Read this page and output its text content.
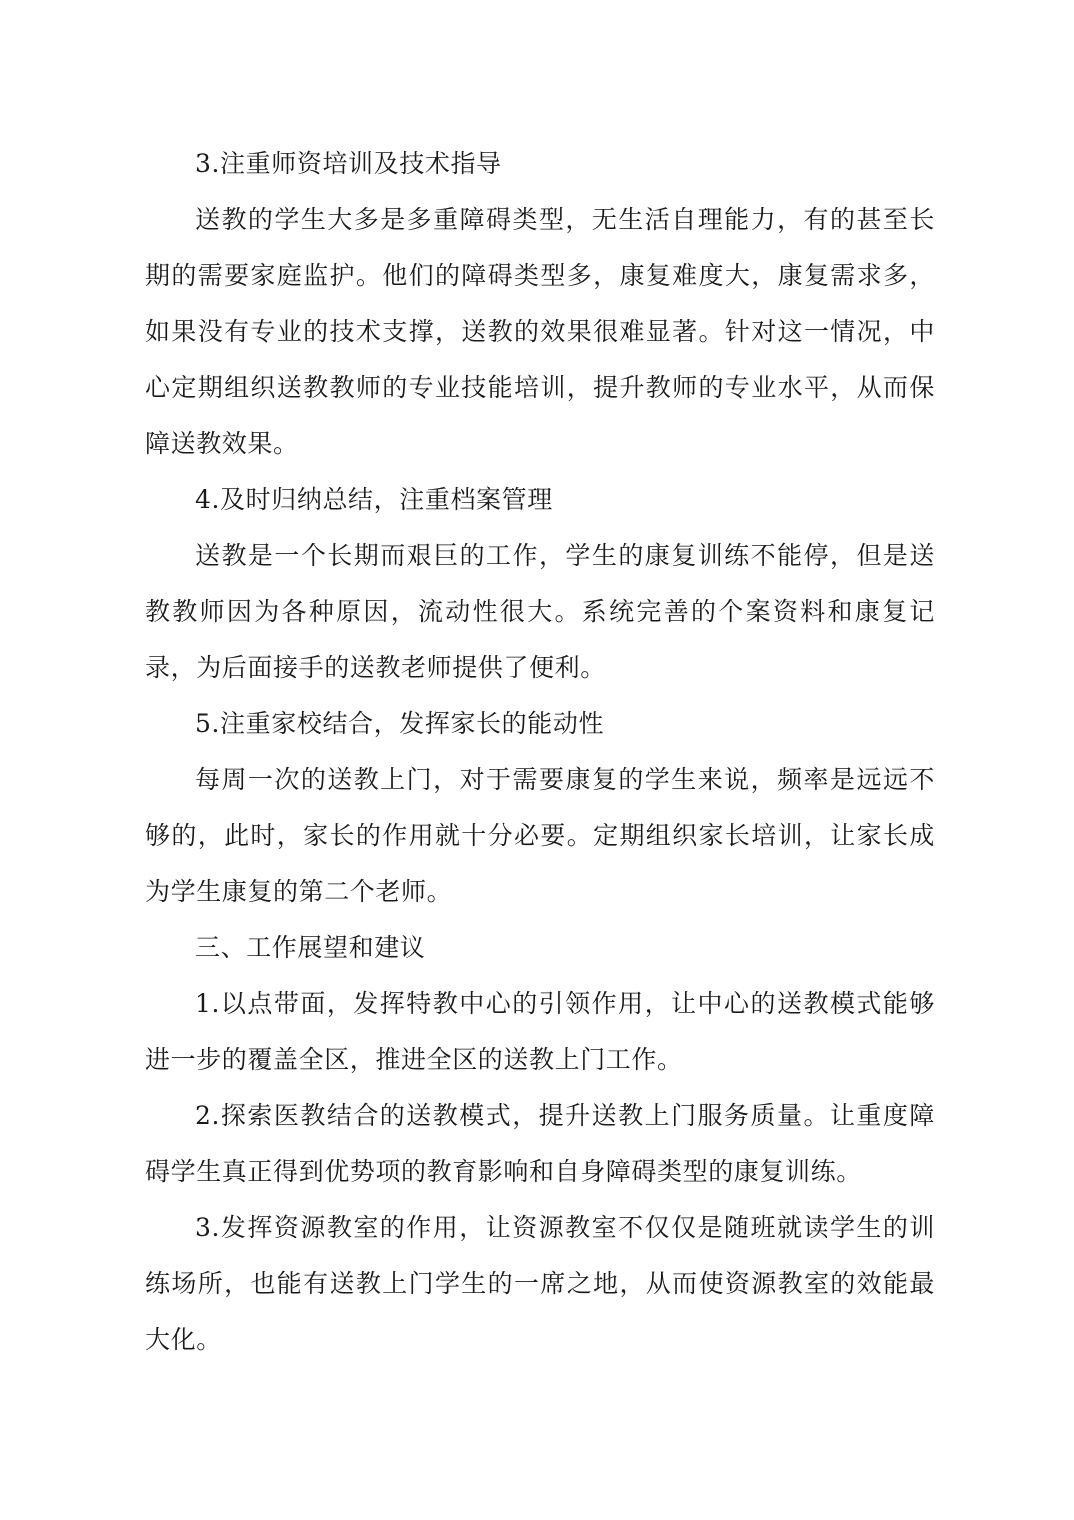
3.注重师资培训及技术指导

送教的学生大多是多重障碍类型，无生活自理能力，有的甚至长期的需要家庭监护。他们的障碍类型多，康复难度大，康复需求多，如果没有专业的技术支撑，送教的效果很难显著。针对这一情况，中心定期组织送教教师的专业技能培训，提升教师的专业水平，从而保障送教效果。

4.及时归纳总结，注重档案管理

送教是一个长期而艰巨的工作，学生的康复训练不能停，但是送教教师因为各种原因，流动性很大。系统完善的个案资料和康复记录，为后面接手的送教老师提供了便利。

5.注重家校结合，发挥家长的能动性

每周一次的送教上门，对于需要康复的学生来说，频率是远远不够的，此时，家长的作用就十分必要。定期组织家长培训，让家长成为学生康复的第二个老师。

三、工作展望和建议

1.以点带面，发挥特教中心的引领作用，让中心的送教模式能够进一步的覆盖全区，推进全区的送教上门工作。

2.探索医教结合的送教模式，提升送教上门服务质量。让重度障碍学生真正得到优势项的教育影响和自身障碍类型的康复训练。

3.发挥资源教室的作用，让资源教室不仅仅是随班就读学生的训练场所，也能有送教上门学生的一席之地，从而使资源教室的效能最大化。
